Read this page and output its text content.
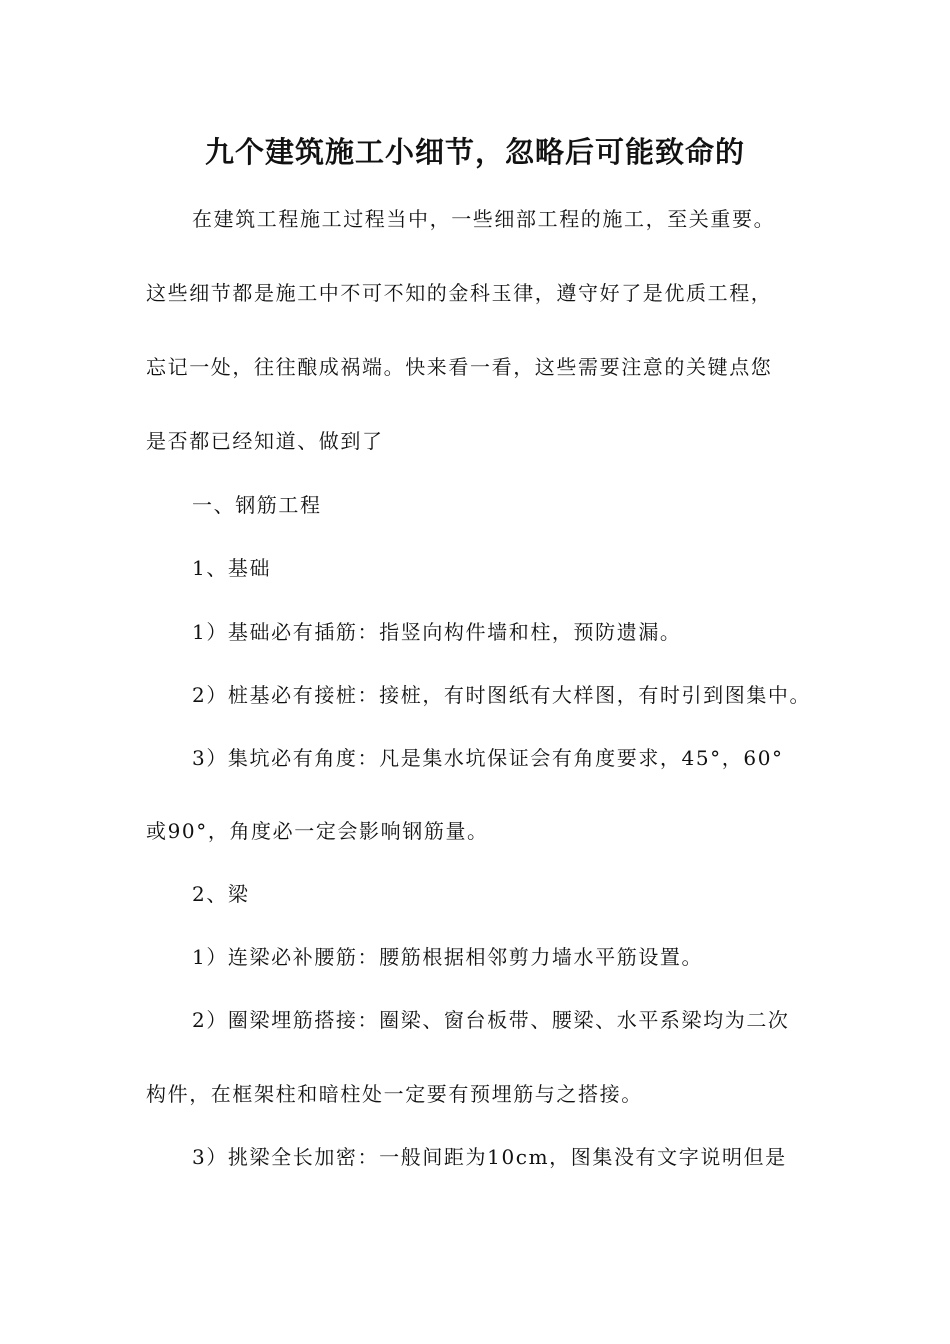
九个建筑施工小细节，忽略后可能致命的

在建筑工程施工过程当中，一些细部工程的施工，至关重要。

这些细节都是施工中不可不知的金科玉律，遵守好了是优质工程，

忘记一处，往往酿成祸端。快来看一看，这些需要注意的关键点您

是否都已经知道、做到了

一、钢筋工程

1、基础

1）基础必有插筋：指竖向构件墙和柱，预防遗漏。

2）桩基必有接桩：接桩，有时图纸有大样图，有时引到图集中。

3）集坑必有角度：凡是集水坑保证会有角度要求，45°，60°

或90°，角度必一定会影响钢筋量。

2、梁

1）连梁必补腰筋：腰筋根据相邻剪力墙水平筋设置。

2）圈梁埋筋搭接：圈梁、窗台板带、腰梁、水平系梁均为二次

构件，在框架柱和暗柱处一定要有预埋筋与之搭接。

3）挑梁全长加密：一般间距为10cm，图集没有文字说明但是
